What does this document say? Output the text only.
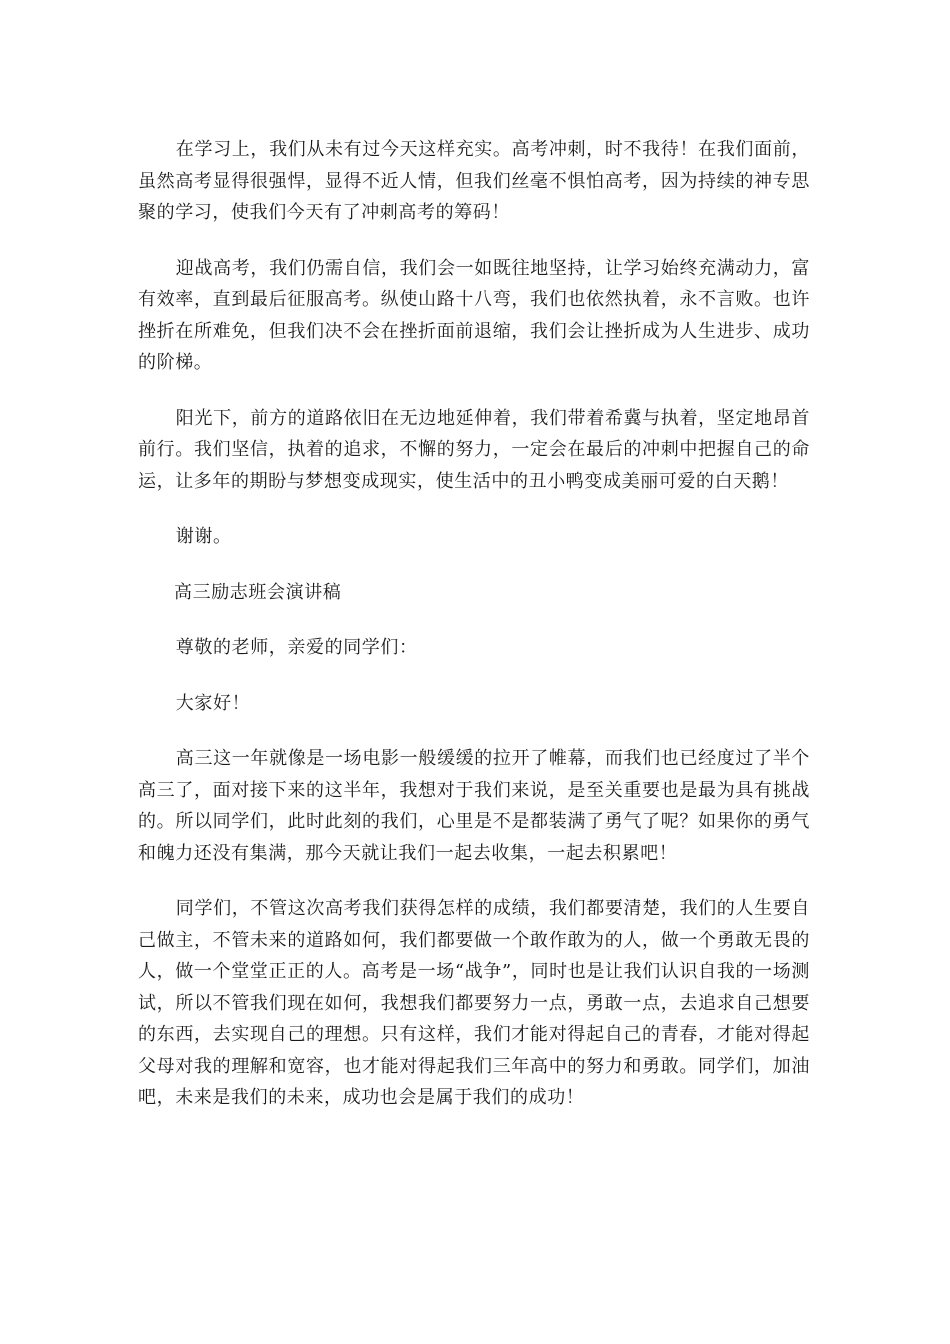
在学习上，我们从未有过今天这样充实。高考冲刺，时不我待！在我们面前，虽然高考显得很强悍，显得不近人情，但我们丝毫不惧怕高考，因为持续的神专思聚的学习，使我们今天有了冲刺高考的筹码！

迎战高考，我们仍需自信，我们会一如既往地坚持，让学习始终充满动力，富有效率，直到最后征服高考。纵使山路十八弯，我们也依然执着，永不言败。也许挫折在所难免，但我们决不会在挫折面前退缩，我们会让挫折成为人生进步、成功的阶梯。

阳光下，前方的道路依旧在无边地延伸着，我们带着希冀与执着，坚定地昂首前行。我们坚信，执着的追求，不懈的努力，一定会在最后的冲刺中把握自己的命运，让多年的期盼与梦想变成现实，使生活中的丑小鸭变成美丽可爱的白天鹅！

谢谢。

高三励志班会演讲稿

尊敬的老师，亲爱的同学们：

大家好！

高三这一年就像是一场电影一般缓缓的拉开了帷幕，而我们也已经度过了半个高三了，面对接下来的这半年，我想对于我们来说，是至关重要也是最为具有挑战的。所以同学们，此时此刻的我们，心里是不是都装满了勇气了呢？如果你的勇气和魄力还没有集满，那今天就让我们一起去收集，一起去积累吧！

同学们，不管这次高考我们获得怎样的成绩，我们都要清楚，我们的人生要自己做主，不管未来的道路如何，我们都要做一个敢作敢为的人，做一个勇敢无畏的人，做一个堂堂正正的人。高考是一场“战争”，同时也是让我们认识自我的一场测试，所以不管我们现在如何，我想我们都要努力一点，勇敢一点，去追求自己想要的东西，去实现自己的理想。只有这样，我们才能对得起自己的青春，才能对得起父母对我的理解和宽容，也才能对得起我们三年高中的努力和勇敢。同学们，加油吧，未来是我们的未来，成功也会是属于我们的成功！
